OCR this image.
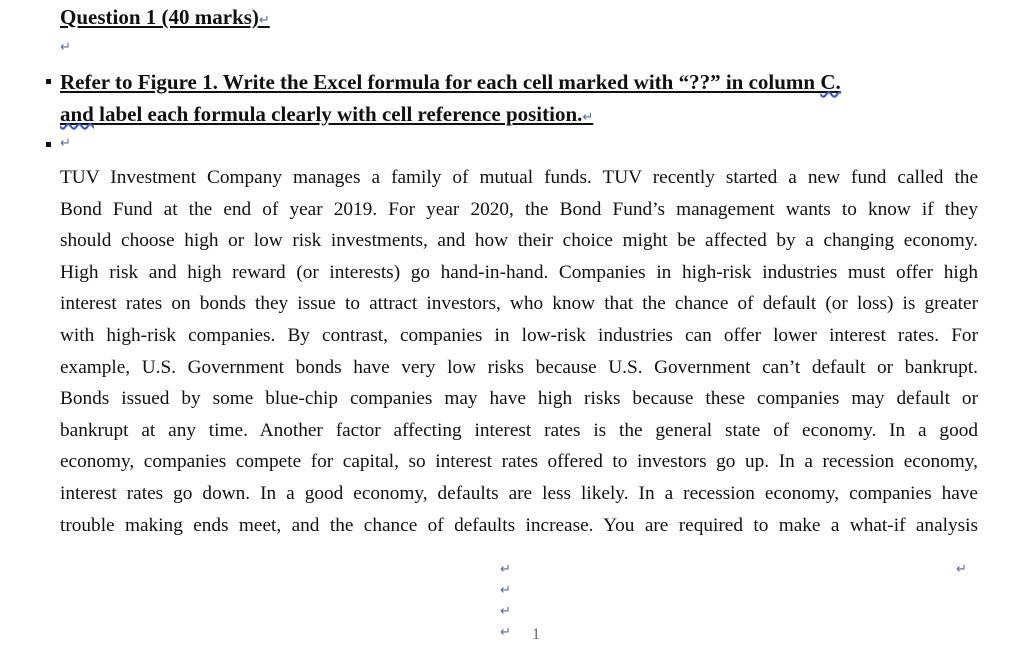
Question 1 (40 marks)↵
↵
Refer to Figure 1. Write the Excel formula for each cell marked with “??” in column C.
and label each formula clearly with cell reference position.↵
↵
TUV Investment Company manages a family of mutual funds. TUV recently started a new fund called the
Bond Fund at the end of year 2019. For year 2020, the Bond Fund’s management wants to know if they
should choose high or low risk investments, and how their choice might be affected by a changing economy.
High risk and high reward (or interests) go hand-in-hand. Companies in high-risk industries must offer high
interest rates on bonds they issue to attract investors, who know that the chance of default (or loss) is greater
with high-risk companies. By contrast, companies in low-risk industries can offer lower interest rates. For
example, U.S. Government bonds have very low risks because U.S. Government can’t default or bankrupt.
Bonds issued by some blue-chip companies may have high risks because these companies may default or
bankrupt at any time. Another factor affecting interest rates is the general state of economy. In a good
economy, companies compete for capital, so interest rates offered to investors go up. In a recession economy,
interest rates go down. In a good economy, defaults are less likely. In a recession economy, companies have
trouble making ends meet, and the chance of defaults increase. You are required to make a what-if analysis
↵
↵
↵
↵
↵
1
